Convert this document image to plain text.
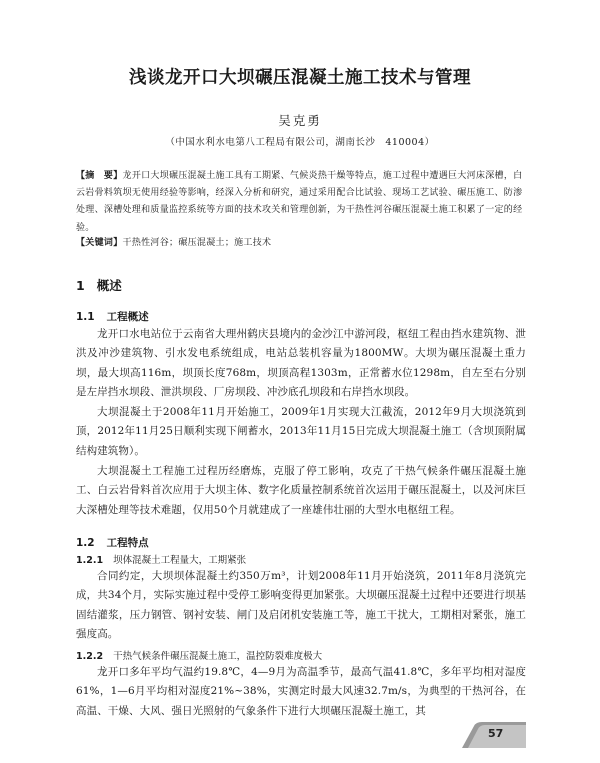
浅谈龙开口大坝碾压混凝土施工技术与管理
吴克勇
（中国水利水电第八工程局有限公司，湖南长沙　410004）
【摘　要】龙开口大坝碾压混凝土施工具有工期紧、气候炎热干燥等特点，施工过程中遭遇巨大河床深槽，白云岩骨料筑坝无使用经验等影响，经深入分析和研究，通过采用配合比试验、现场工艺试验、碾压施工、防渗处理、深槽处理和质量监控系统等方面的技术攻关和管理创新，为干热性河谷碾压混凝土施工积累了一定的经验。
【关键词】干热性河谷；碾压混凝土；施工技术
1 概述
1.1 工程概述
龙开口水电站位于云南省大理州鹤庆县境内的金沙江中游河段，枢纽工程由挡水建筑物、泄洪及冲沙建筑物、引水发电系统组成，电站总装机容量为1800MW。大坝为碾压混凝土重力坝，最大坝高116m，坝顶长度768m，坝顶高程1303m，正常蓄水位1298m，自左至右分别是左岸挡水坝段、泄洪坝段、厂房坝段、冲沙底孔坝段和右岸挡水坝段。
大坝混凝土于2008年11月开始施工，2009年1月实现大江截流，2012年9月大坝浇筑到顶，2012年11月25日顺利实现下闸蓄水，2013年11月15日完成大坝混凝土施工（含坝顶附属结构建筑物）。
大坝混凝土工程施工过程历经磨炼，克服了停工影响，攻克了干热气候条件碾压混凝土施工、白云岩骨料首次应用于大坝主体、数字化质量控制系统首次运用于碾压混凝土，以及河床巨大深槽处理等技术难题，仅用50个月就建成了一座雄伟壮丽的大型水电枢纽工程。
1.2 工程特点
1.2.1 坝体混凝土工程量大，工期紧张
合同约定，大坝坝体混凝土约350万m³，计划2008年11月开始浇筑，2011年8月浇筑完成，共34个月，实际实施过程中受停工影响变得更加紧张。大坝碾压混凝土过程中还要进行坝基固结灌浆，压力钢管、钢衬安装、闸门及启闭机安装施工等，施工干扰大，工期相对紧张，施工强度高。
1.2.2 干热气候条件碾压混凝土施工，温控防裂难度极大
龙开口多年平均气温约19.8℃，4—9月为高温季节，最高气温41.8℃，多年平均相对湿度61%，1—6月平均相对湿度21%~38%，实测定时最大风速32.7m/s，为典型的干热河谷，在高温、干燥、大风、强日光照射的气象条件下进行大坝碾压混凝土施工，其
57
